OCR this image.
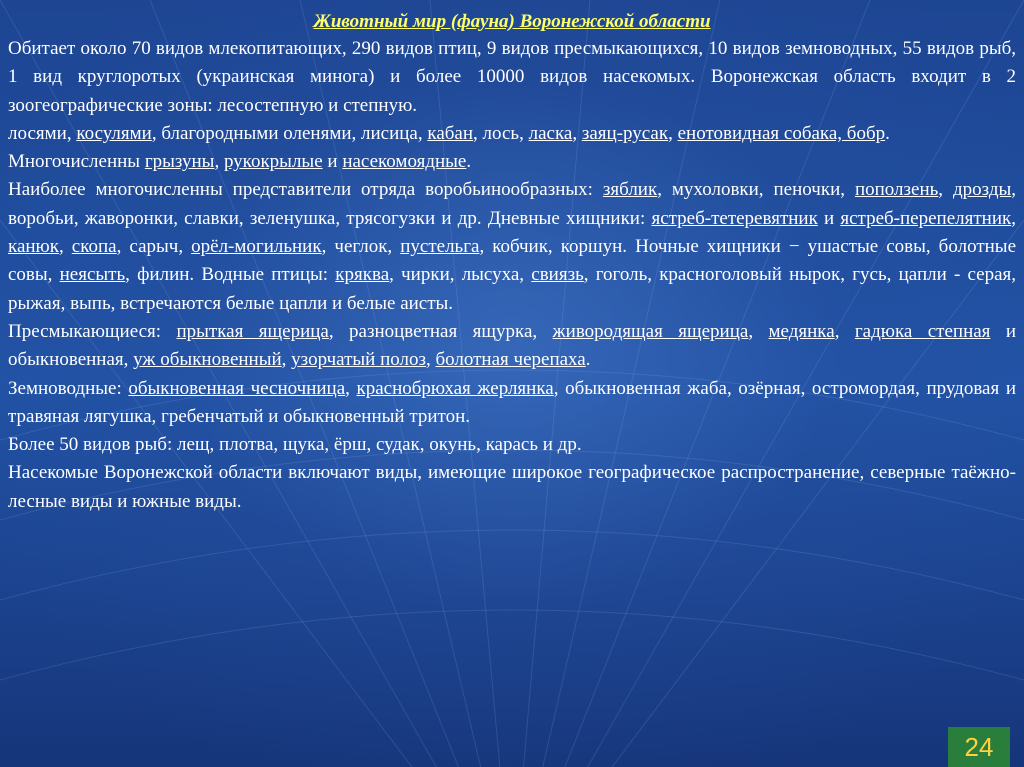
Животный мир (фауна) Воронежской области

Обитает около 70 видов млекопитающих, 290 видов птиц, 9 видов пресмыкающихся, 10 видов земноводных, 55 видов рыб, 1 вид круглоротых (украинская минога) и более 10000 видов насекомых. Воронежская область входит в 2 зоогеографические зоны: лесостепную и степную.

лосями, косулями, благородными оленями, лисица, кабан, лось, ласка, заяц-русак, енотовидная собака, бобр.

Многочисленны грызуны, рукокрылые и насекомоядные.

Наиболее многочисленны представители отряда воробьинообразных: зяблик, мухоловки, пеночки, поползень, дрозды, воробьи, жаворонки, славки, зеленушка, трясогузки и др. Дневные хищники: ястреб-тетеревятник и ястреб-перепелятник, канюк, скопа, сарыч, орёл-могильник, чеглок, пустельга, кобчик, коршун. Ночные хищники − ушастые совы, болотные совы, неясыть, филин. Водные птицы: кряква, чирки, лысуха, свиязь, гоголь, красноголовый нырок, гусь, цапли - серая, рыжая, выпь, встречаются белые цапли и белые аисты.

Пресмыкающиеся: прыткая ящерица, разноцветная ящурка, живородящая ящерица, медянка, гадюка степная и обыкновенная, уж обыкновенный, узорчатый полоз, болотная черепаха.

Земноводные: обыкновенная чесночница, краснобрюхая жерлянка, обыкновенная жаба, озёрная, остромордая, прудовая и травяная лягушка, гребенчатый и обыкновенный тритон.

Более 50 видов рыб: лещ, плотва, щука, ёрш, судак, окунь, карась и др.

Насекомые Воронежской области включают виды, имеющие широкое географическое распространение, северные таёжно-лесные виды и южные виды.

24
